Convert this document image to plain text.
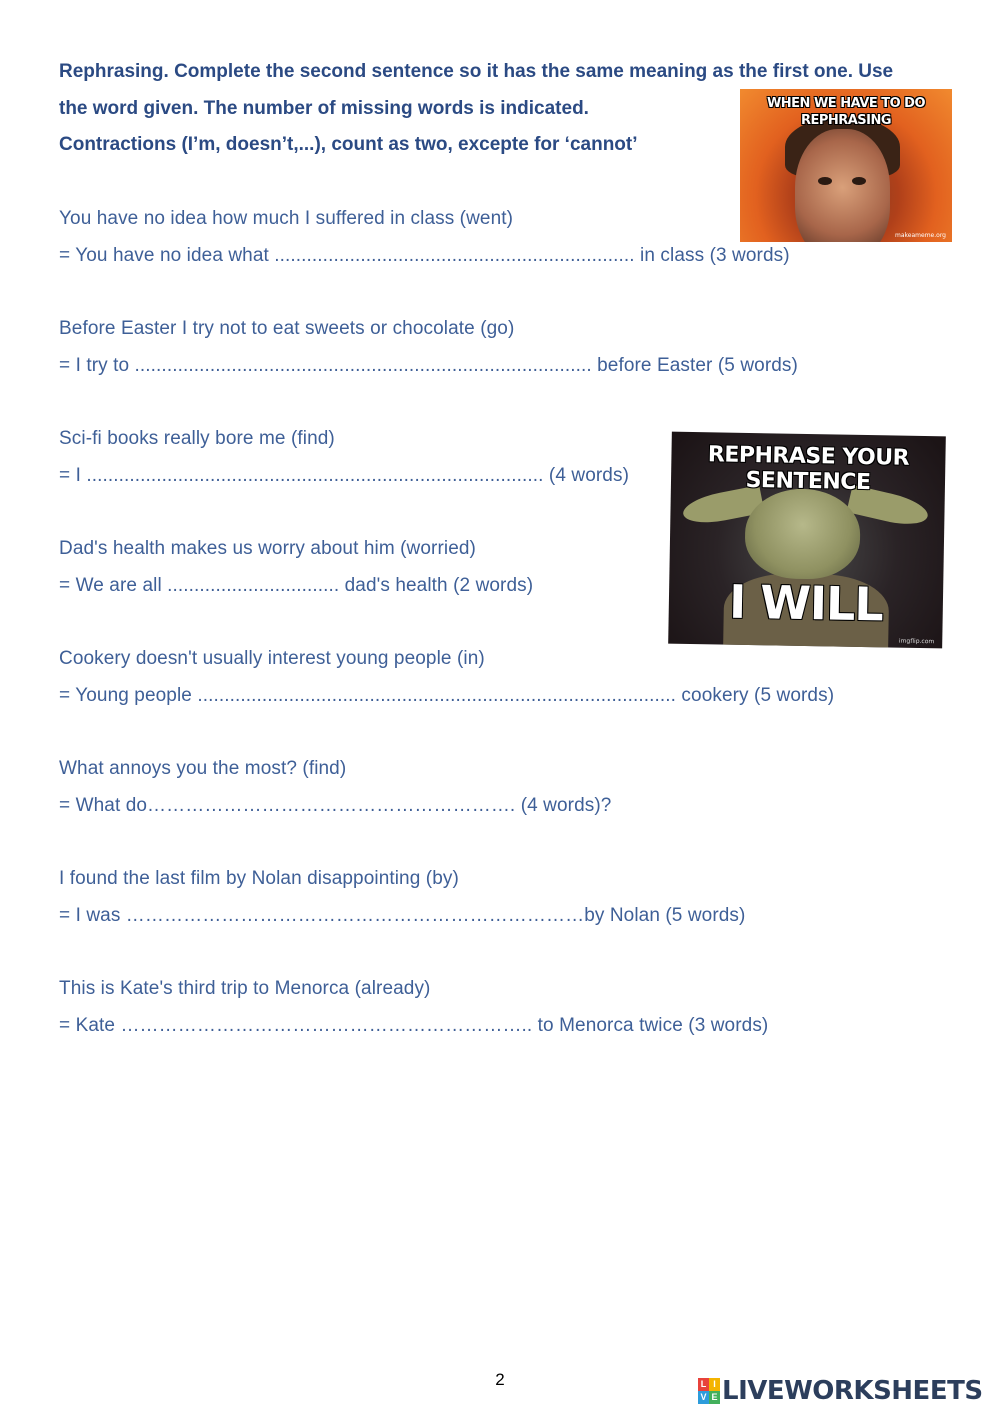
Rephrasing. Complete the second sentence so it has the same meaning as the first one. Use
the word given. The number of missing words is indicated.
Contractions (I’m, doesn’t,...), count as two, excepte for ‘cannot’
WHEN WE HAVE TO DO REPHRASING
makeameme.org
You have no idea how much I suffered in class (went)
= You have no idea what ................................................................... in class (3 words)
Before Easter I try not to eat sweets or chocolate (go)
= I try to ..................................................................................... before Easter (5 words)
Sci-fi books really bore me (find)
= I ..................................................................................... (4 words)
Dad's health makes us worry about him (worried)
= We are all ................................ dad's health (2 words)
Cookery doesn't usually interest young people (in)
= Young people ......................................................................................... cookery (5 words)
What annoys you the most? (find)
= What do…………………………………………………. (4 words)?
I found the last film by Nolan disappointing (by)
= I was ………………………………………………………………by Nolan (5 words)
This is Kate's third trip to Menorca (already)
= Kate ……………………………………………………….. to Menorca twice (3 words)
REPHRASE YOUR SENTENCE
I WILL
imgflip.com
2	L I
V E LIVEWORKSHEETS
